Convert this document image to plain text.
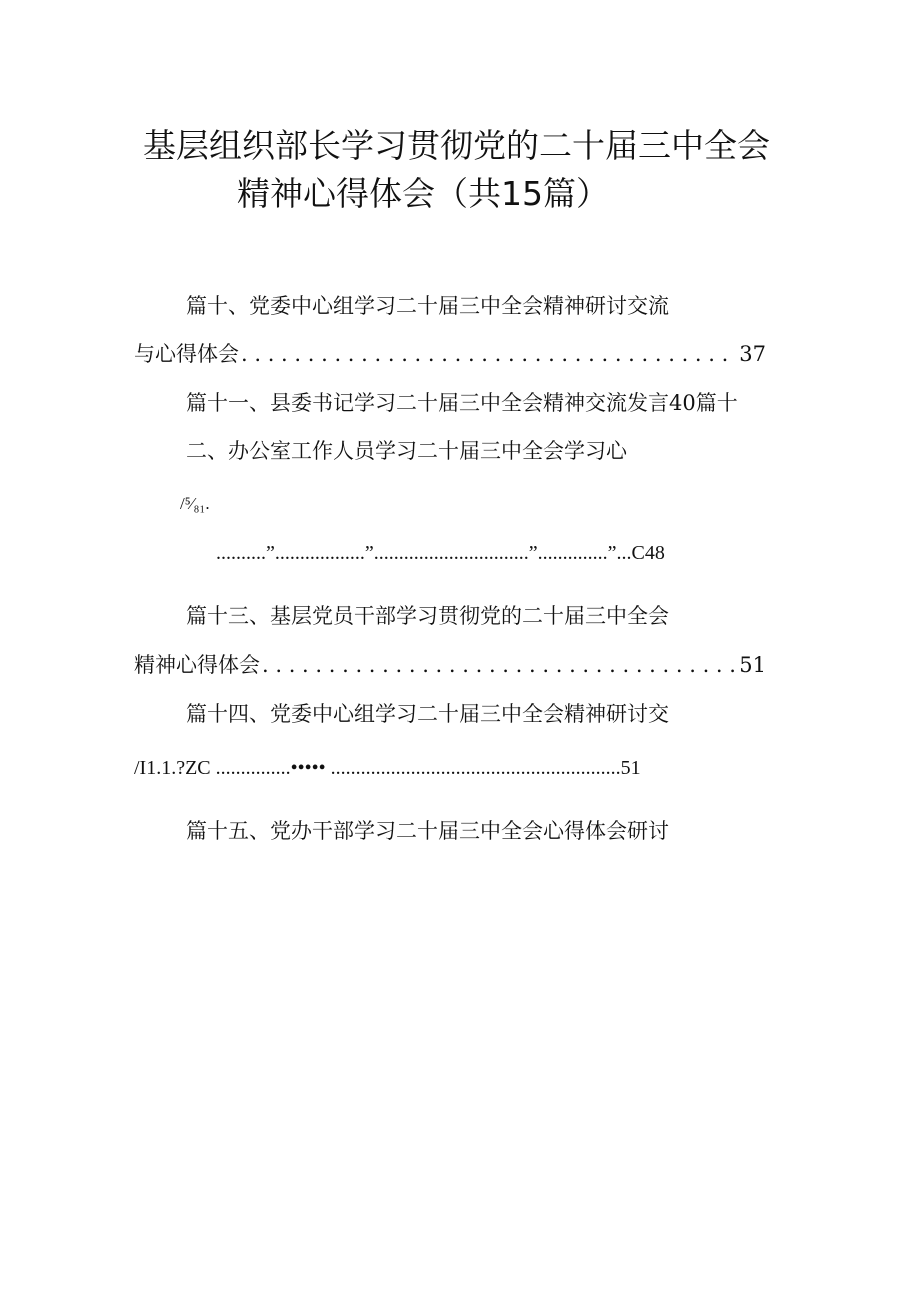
基层组织部长学习贯彻党的二十届三中全会
精神心得体会（共15篇）
篇十、党委中心组学习二十届三中全会精神研讨交流
与心得体会 . . .	37
篇十一、县委书记学习二十届三中全会精神交流发言40篇十
二、办公室工作人员学习二十届三中全会学习心
/⁵⁄₈₁.
..........”..................”...............................”..............”...C48
篇十三、基层党员干部学习贯彻党的二十届三中全会
精神心得体会 . . .	51
篇十四、党委中心组学习二十届三中全会精神研讨交
/I1.1.?ZC ...............••••• ..........................................................51
篇十五、党办干部学习二十届三中全会心得体会研讨
